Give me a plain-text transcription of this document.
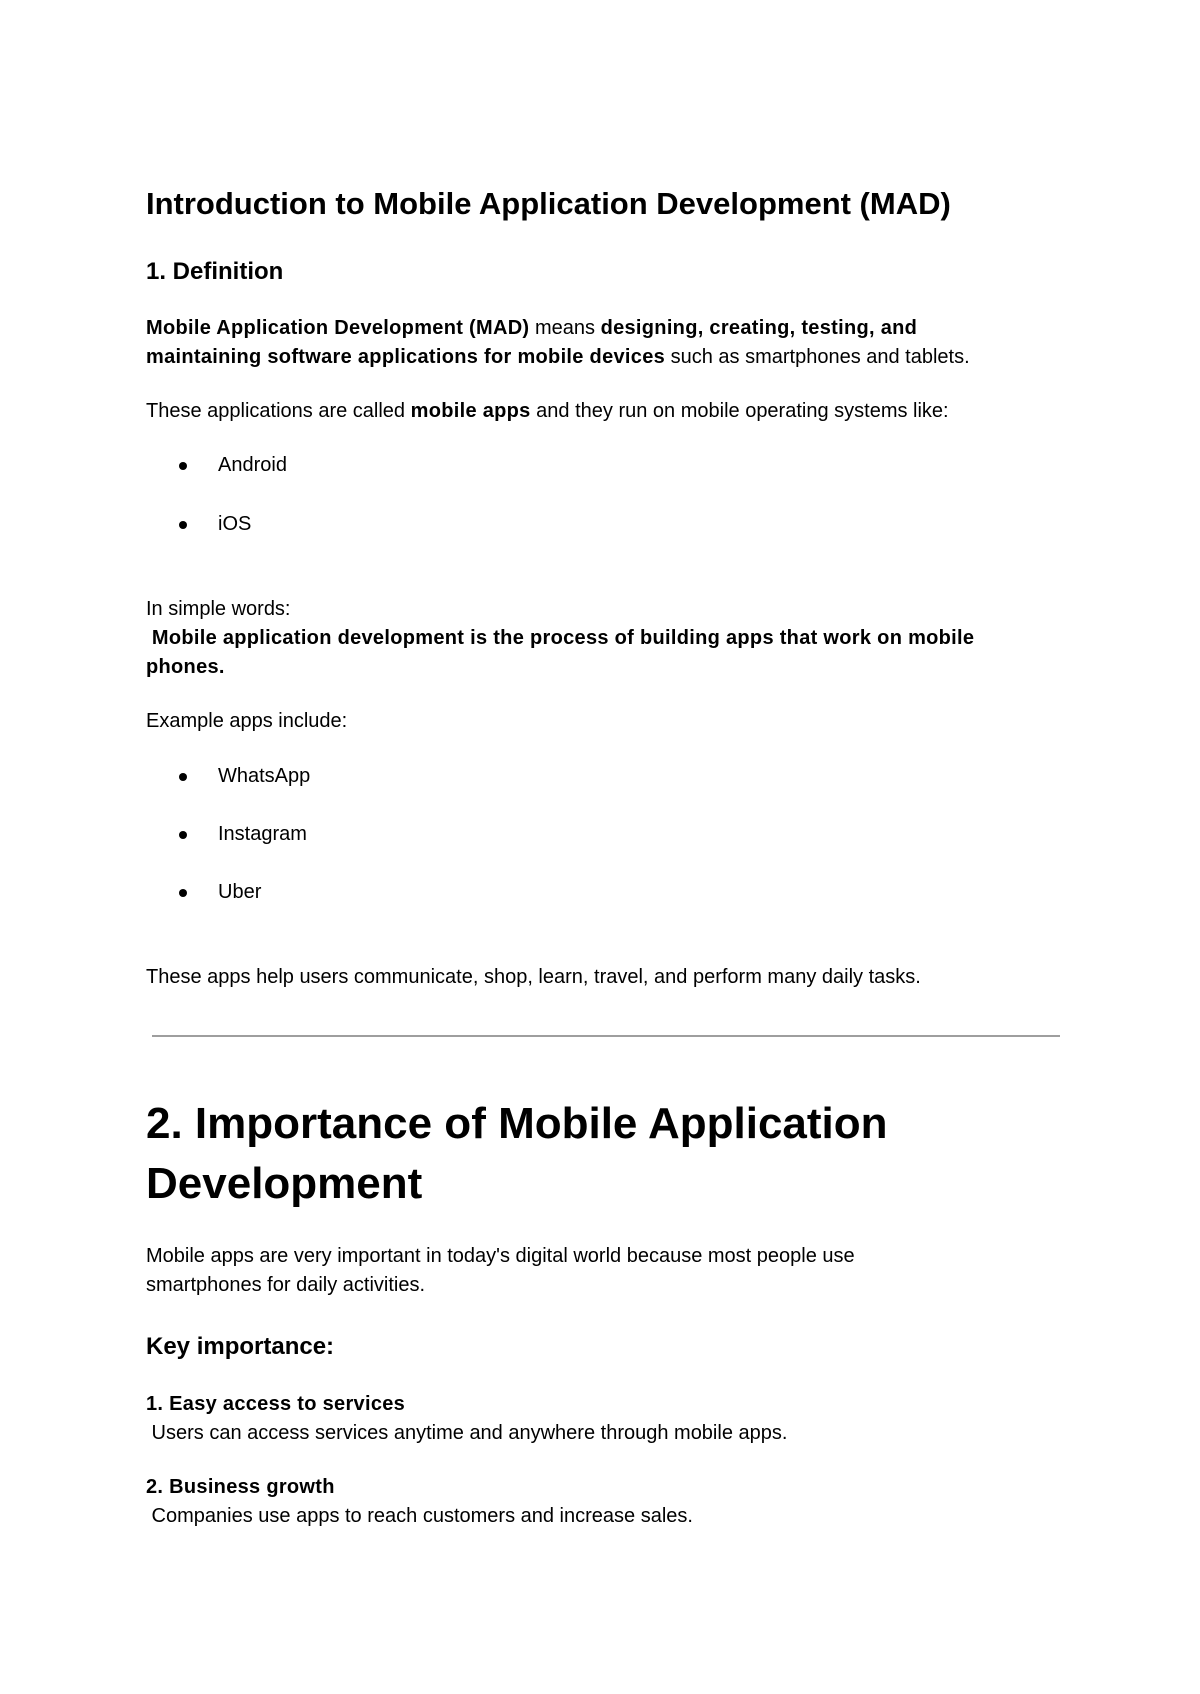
Introduction to Mobile Application Development (MAD)
1. Definition
Mobile Application Development (MAD) means designing, creating, testing, and
maintaining software applications for mobile devices such as smartphones and tablets.
These applications are called mobile apps and they run on mobile operating systems like:
Android
iOS
In simple words:
Mobile application development is the process of building apps that work on mobile
phones.
Example apps include:
WhatsApp
Instagram
Uber
These apps help users communicate, shop, learn, travel, and perform many daily tasks.
2. Importance of Mobile Application Development
Mobile apps are very important in today's digital world because most people use
smartphones for daily activities.
Key importance:
1. Easy access to services
Users can access services anytime and anywhere through mobile apps.
2. Business growth
Companies use apps to reach customers and increase sales.
